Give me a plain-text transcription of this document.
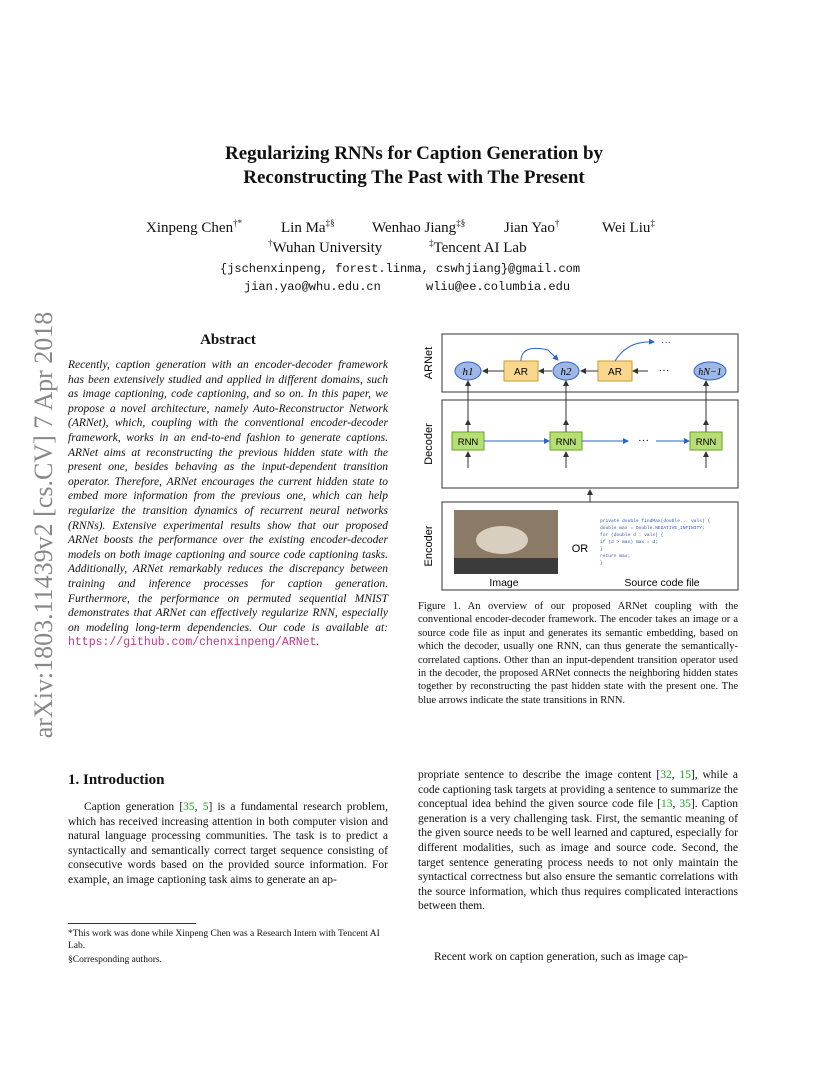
arXiv:1803.11439v2 [cs.CV] 7 Apr 2018
Regularizing RNNs for Caption Generation by
Reconstructing The Past with The Present
Xinpeng Chen†*	Lin Ma‡§ Wenhao Jiang‡§	Jian Yao†	Wei Liu‡
†Wuhan University	‡Tencent AI Lab
{jschenxinpeng, forest.linma, cswhjiang}@gmail.com
jian.yao@whu.edu.cn	wliu@ee.columbia.edu
Abstract
Recently, caption generation with an encoder-decoder framework has been extensively studied and applied in different domains, such as image captioning, code captioning, and so on. In this paper, we propose a novel architecture, namely Auto-Reconstructor Network (ARNet), which, coupling with the conventional encoder-decoder framework, works in an end-to-end fashion to generate captions. ARNet aims at reconstructing the previous hidden state with the present one, besides behaving as the input-dependent transition operator. Therefore, ARNet encourages the current hidden state to embed more information from the previous one, which can help regularize the transition dynamics of recurrent neural networks (RNNs). Extensive experimental results show that our proposed ARNet boosts the performance over the existing encoder-decoder models on both image captioning and source code captioning tasks. Additionally, ARNet remarkably reduces the discrepancy between training and inference processes for caption generation. Furthermore, the performance on permuted sequential MNIST demonstrates that ARNet can effectively regularize RNN, especially on modeling long-term dependencies. Our code is available at: https://github.com/chenxinpeng/ARNet.
ARNet	h1	AR	h2	AR	···	hN−1
···
Decoder RNN	RNN	RNN
···
Encoder
Image
OR
private double findMax(double... vals) {
double max = Double.NEGATIVE_INFINITY;
for (double d : vals) {
if (d > max) max = d;
}
return max;
}
Source code file
Figure 1. An overview of our proposed ARNet coupling with the conventional encoder-decoder framework. The encoder takes an image or a source code file as input and generates its semantic embedding, based on which the decoder, usually one RNN, can thus generate the semantically-correlated captions. Other than an input-dependent transition operator used in the decoder, the proposed ARNet connects the neighboring hidden states together by reconstructing the past hidden state with the present one. The blue arrows indicate the state transitions in RNN.
1. Introduction
Caption generation [35, 5] is a fundamental research problem, which has received increasing attention in both computer vision and natural language processing communities. The task is to predict a syntactically and semantically correct target sequence consisting of consecutive words based on the provided source information. For example, an image captioning task aims to generate an ap-
*This work was done while Xinpeng Chen was a Research Intern with Tencent AI Lab.
§Corresponding authors.
propriate sentence to describe the image content [32, 15], while a code captioning task targets at providing a sentence to summarize the conceptual idea behind the given source code file [13, 35]. Caption generation is a very challenging task. First, the semantic meaning of the given source needs to be well learned and captured, especially for different modalities, such as image and source code. Second, the target sentence generating process needs to not only maintain the syntactical correctness but also ensure the semantic correlations with the source information, which thus requires complicated interactions between them.
Recent work on caption generation, such as image cap-
